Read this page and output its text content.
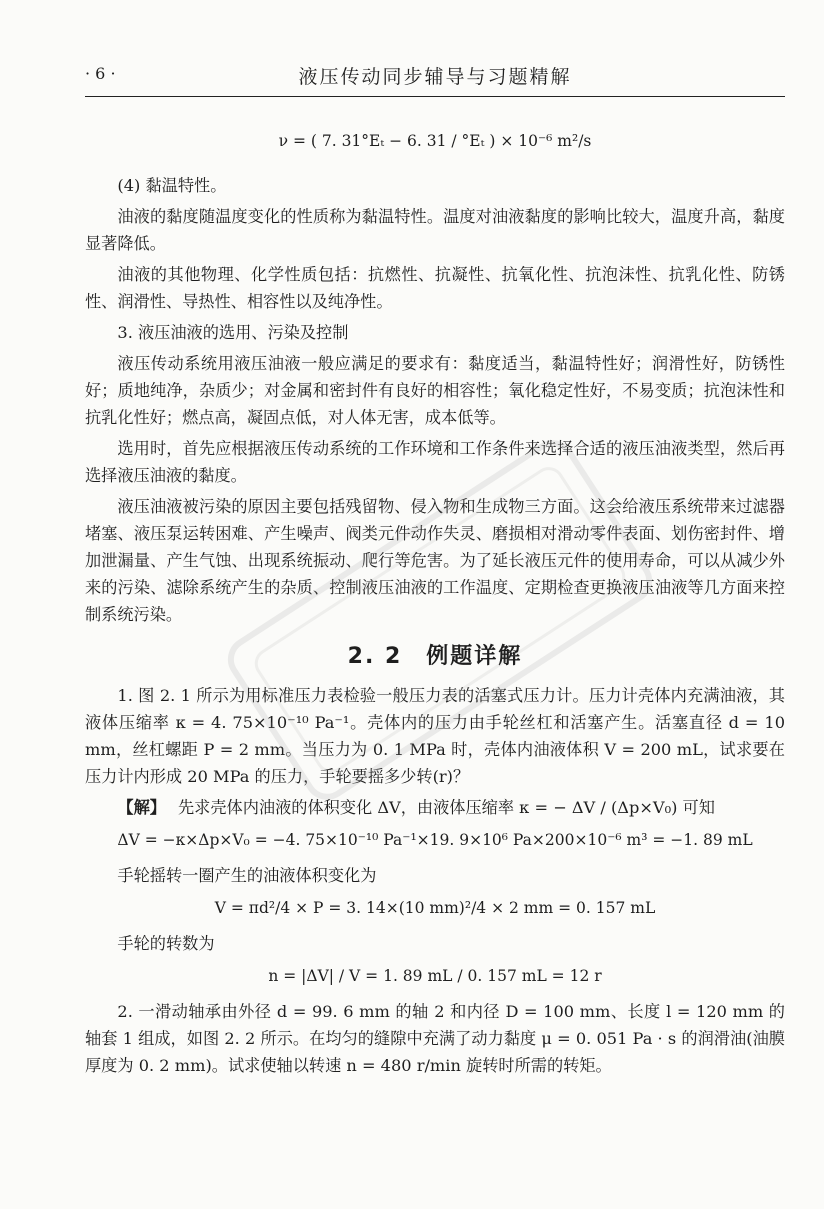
· 6 ·	液压传动同步辅导与习题精解
ν = ( 7. 31°Eₜ − 6. 31 / °Eₜ ) × 10⁻⁶ m²/s

(4) 黏温特性。

油液的黏度随温度变化的性质称为黏温特性。温度对油液黏度的影响比较大，温度升高，黏度显著降低。

油液的其他物理、化学性质包括：抗燃性、抗凝性、抗氧化性、抗泡沫性、抗乳化性、防锈性、润滑性、导热性、相容性以及纯净性。

3. 液压油液的选用、污染及控制

液压传动系统用液压油液一般应满足的要求有：黏度适当，黏温特性好；润滑性好，防锈性好；质地纯净，杂质少；对金属和密封件有良好的相容性；氧化稳定性好，不易变质；抗泡沫性和抗乳化性好；燃点高，凝固点低，对人体无害，成本低等。

选用时，首先应根据液压传动系统的工作环境和工作条件来选择合适的液压油液类型，然后再选择液压油液的黏度。

液压油液被污染的原因主要包括残留物、侵入物和生成物三方面。这会给液压系统带来过滤器堵塞、液压泵运转困难、产生噪声、阀类元件动作失灵、磨损相对滑动零件表面、划伤密封件、增加泄漏量、产生气蚀、出现系统振动、爬行等危害。为了延长液压元件的使用寿命，可以从减少外来的污染、滤除系统产生的杂质、控制液压油液的工作温度、定期检查更换液压油液等几方面来控制系统污染。

2. 2　例题详解

1. 图 2. 1 所示为用标准压力表检验一般压力表的活塞式压力计。压力计壳体内充满油液，其液体压缩率 κ = 4. 75×10⁻¹⁰ Pa⁻¹。壳体内的压力由手轮丝杠和活塞产生。活塞直径 d = 10 mm，丝杠螺距 P = 2 mm。当压力为 0. 1 MPa 时，壳体内油液体积 V = 200 mL，试求要在压力计内形成 20 MPa 的压力，手轮要摇多少转(r)？

【解】 先求壳体内油液的体积变化 ΔV，由液体压缩率 κ = − ΔV / (Δp×V₀) 可知

ΔV = −κ×Δp×V₀ = −4. 75×10⁻¹⁰ Pa⁻¹×19. 9×10⁶ Pa×200×10⁻⁶ m³ = −1. 89 mL

手轮摇转一圈产生的油液体积变化为

V = πd²/4 × P = 3. 14×(10 mm)²/4 × 2 mm = 0. 157 mL

手轮的转数为

n = |ΔV| / V = 1. 89 mL / 0. 157 mL = 12 r

2. 一滑动轴承由外径 d = 99. 6 mm 的轴 2 和内径 D = 100 mm、长度 l = 120 mm 的轴套 1 组成，如图 2. 2 所示。在均匀的缝隙中充满了动力黏度 μ = 0. 051 Pa · s 的润滑油(油膜厚度为 0. 2 mm)。试求使轴以转速 n = 480 r/min 旋转时所需的转矩。
